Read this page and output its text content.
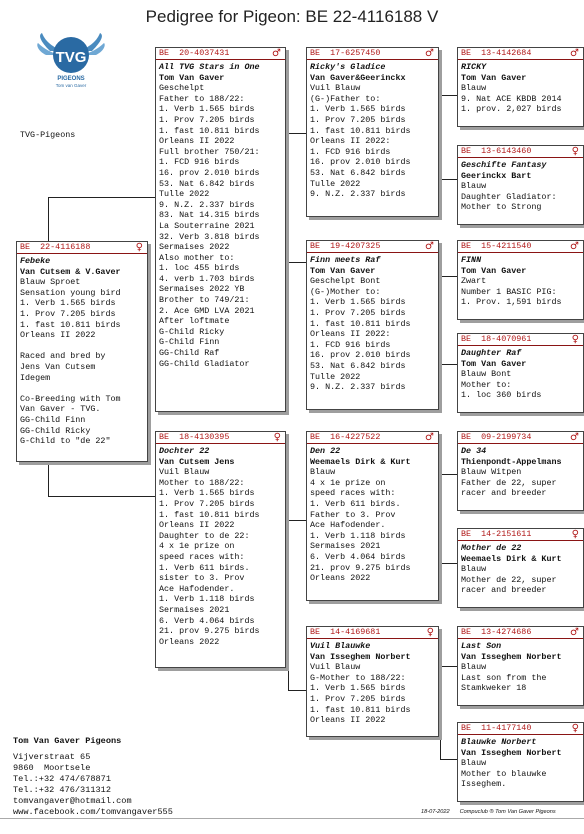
Pedigree for Pigeon: BE 22-4116188 V
TVG
PIGEONS
Tom van Gaver
TVG-Pigeons
BE  22-4116188	♀
Febeke
Van Cutsem & V.Gaver
Blauw Sproet
Sensation young bird
1. Verb 1.565 birds
1. Prov 7.205 birds
1. fast 10.811 birds
Orleans II 2022
Raced and bred by
Jens Van Cutsem
Idegem
Co-Breeding with Tom
Van Gaver - TVG.
GG-Child Finn
GG-Child Ricky
G-Child to "de 22"
BE  20-4037431	♂
All TVG Stars in One
Tom Van Gaver
Geschelpt
Father to 188/22:
1. Verb 1.565 birds
1. Prov 7.205 birds
1. fast 10.811 birds
Orleans II 2022
Full brother 750/21:
1. FCD 916 birds
16. prov 2.010 birds
53. Nat 6.842 birds
Tulle 2022
9. N.Z. 2.337 birds
83. Nat 14.315 birds
La Souterraine 2021
32. Verb 3.818 birds
Sermaises 2022
Also mother to:
1. loc 455 birds
4. verb 1.703 birds
Sermaises 2022 YB
Brother to 749/21:
2. Ace GMD LVA 2021
After loftmate
G-Child Ricky
G-Child Finn
GG-Child Raf
GG-Child Gladiator
BE  18-4130395	♀
Dochter 22
Van Cutsem Jens
Vuil Blauw
Mother to 188/22:
1. Verb 1.565 birds
1. Prov 7.205 birds
1. fast 10.811 birds
Orleans II 2022
Daughter to de 22:
4 x 1e prize on
speed races with:
1. Verb 611 birds.
sister to 3. Prov
Ace Hafodender.
1. Verb 1.118 birds
Sermaises 2021
6. Verb 4.064 birds
21. prov 9.275 birds
Orleans 2022
BE  17-6257450	♂
Ricky's Gladice
Van Gaver&Geerinckx
Vuil Blauw
(G-)Father to:
1. Verb 1.565 birds
1. Prov 7.205 birds
1. fast 10.811 birds
Orleans II 2022:
1. FCD 916 birds
16. prov 2.010 birds
53. Nat 6.842 birds
Tulle 2022
9. N.Z. 2.337 birds
BE  19-4207325	♂
Finn meets Raf
Tom Van Gaver
Geschelpt Bont
(G-)Mother to:
1. Verb 1.565 birds
1. Prov 7.205 birds
1. fast 10.811 birds
Orleans II 2022:
1. FCD 916 birds
16. prov 2.010 birds
53. Nat 6.842 birds
Tulle 2022
9. N.Z. 2.337 birds
BE  16-4227522	♂
Den 22
Weemaels Dirk & Kurt
Blauw
4 x 1e prize on
speed races with:
1. Verb 611 birds.
Father to 3. Prov
Ace Hafodender.
1. Verb 1.118 birds
Sermaises 2021
6. Verb 4.064 birds
21. prov 9.275 birds
Orleans 2022
BE  14-4169681	♀
Vuil Blauwke
Van Isseghem Norbert
Vuil Blauw
G-Mother to 188/22:
1. Verb 1.565 birds
1. Prov 7.205 birds
1. fast 10.811 birds
Orleans II 2022
BE  13-4142684	♂
RICKY
Tom Van Gaver
Blauw
9. Nat ACE KBDB 2014
1. prov. 2,027 birds
BE  13-6143460	♀
Geschifte Fantasy
Geerinckx Bart
Blauw
Daughter Gladiator:
Mother to Strong
BE  15-4211540	♂
FINN
Tom Van Gaver
Zwart
Number 1 BASIC PIG:
1. Prov. 1,591 birds
BE  18-4070961	♀
Daughter Raf
Tom Van Gaver
Blauw Bont
Mother to:
1. loc 360 birds
BE  09-2199734	♂
De 34
Thienpondt-Appelmans
Blauw Witpen
Father de 22, super
racer and breeder
BE  14-2151611	♀
Mother de 22
Weemaels Dirk & Kurt
Blauw
Mother de 22, super
racer and breeder
BE  13-4274686	♂
Last Son
Van Isseghem Norbert
Blauw
Last son from the
Stamkweker 18
BE  11-4177140	♀
Blauwke Norbert
Van Isseghem Norbert
Blauw
Mother to blauwke
Isseghem.
Tom Van Gaver Pigeons
Vijverstraat 65
9860  Moortsele
Tel.:+32 474/678871
Tel.:+32 476/311312
tomvangaver@hotmail.com
www.facebook.com/tomvangaver555	18-07-2022 Compuclub ® Tom Van Gaver Pigeons
